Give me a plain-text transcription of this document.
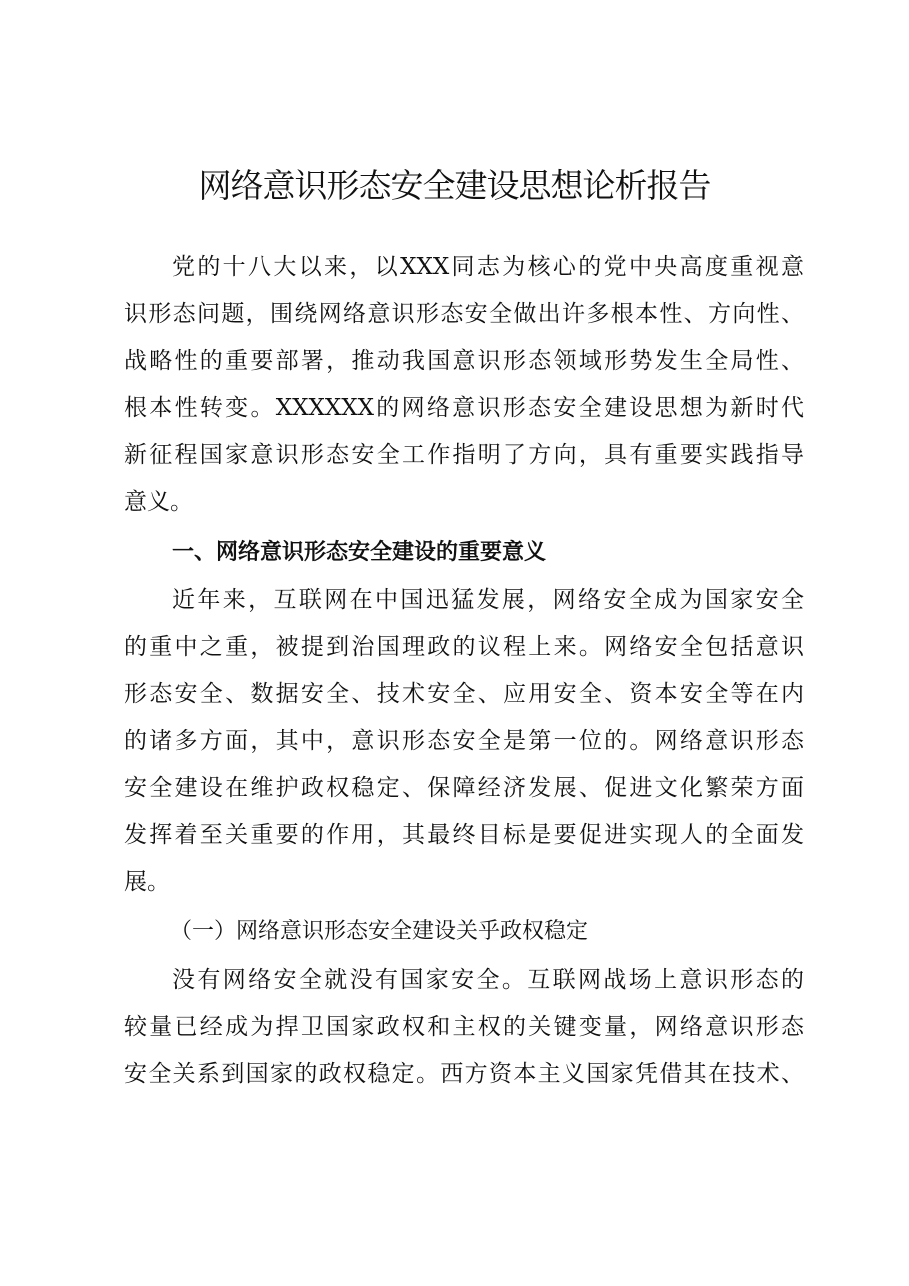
网络意识形态安全建设思想论析报告
党的十八大以来，以XXX同志为核心的党中央高度重视意
识形态问题，围绕网络意识形态安全做出许多根本性、方向性、
战略性的重要部署，推动我国意识形态领域形势发生全局性、
根本性转变。XXXXXX的网络意识形态安全建设思想为新时代
新征程国家意识形态安全工作指明了方向，具有重要实践指导
意义。
一、网络意识形态安全建设的重要意义
近年来，互联网在中国迅猛发展，网络安全成为国家安全
的重中之重，被提到治国理政的议程上来。网络安全包括意识
形态安全、数据安全、技术安全、应用安全、资本安全等在内
的诸多方面，其中，意识形态安全是第一位的。网络意识形态
安全建设在维护政权稳定、保障经济发展、促进文化繁荣方面
发挥着至关重要的作用，其最终目标是要促进实现人的全面发
展。
（一）网络意识形态安全建设关乎政权稳定
没有网络安全就没有国家安全。互联网战场上意识形态的
较量已经成为捍卫国家政权和主权的关键变量，网络意识形态
安全关系到国家的政权稳定。西方资本主义国家凭借其在技术、
